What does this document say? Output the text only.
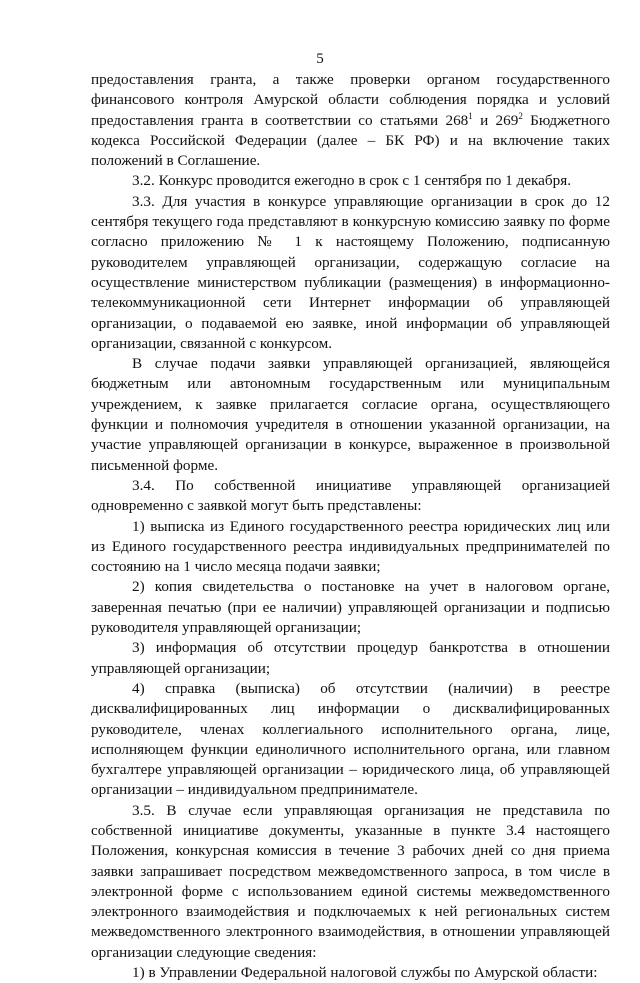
5

предоставления гранта, а также проверки органом государственного финансового контроля Амурской области соблюдения порядка и условий предоставления гранта в соответствии со статьями $268^1$ и $269^2$ Бюджетного кодекса Российской Федерации (далее – БК РФ) и на включение таких положений в Соглашение.

3.2. Конкурс проводится ежегодно в срок с 1 сентября по 1 декабря.

3.3. Для участия в конкурсе управляющие организации в срок до 12 сентября текущего года представляют в конкурсную комиссию заявку по форме согласно приложению № 1 к настоящему Положению, подписанную руководителем управляющей организации, содержащую согласие на осуществление министерством публикации (размещения) в информационно-телекоммуникационной сети Интернет информации об управляющей организации, о подаваемой ею заявке, иной информации об управляющей организации, связанной с конкурсом.

В случае подачи заявки управляющей организацией, являющейся бюджетным или автономным государственным или муниципальным учреждением, к заявке прилагается согласие органа, осуществляющего функции и полномочия учредителя в отношении указанной организации, на участие управляющей организации в конкурсе, выраженное в произвольной письменной форме.

3.4. По собственной инициативе управляющей организацией одновременно с заявкой могут быть представлены:

1) выписка из Единого государственного реестра юридических лиц или из Единого государственного реестра индивидуальных предпринимателей по состоянию на 1 число месяца подачи заявки;

2) копия свидетельства о постановке на учет в налоговом органе, заверенная печатью (при ее наличии) управляющей организации и подписью руководителя управляющей организации;

3) информация об отсутствии процедур банкротства в отношении управляющей организации;

4) справка (выписка) об отсутствии (наличии) в реестре дисквалифицированных лиц информации о дисквалифицированных руководителе, членах коллегиального исполнительного органа, лице, исполняющем функции единоличного исполнительного органа, или главном бухгалтере управляющей организации – юридического лица, об управляющей организации – индивидуальном предпринимателе.

3.5. В случае если управляющая организация не представила по собственной инициативе документы, указанные в пункте 3.4 настоящего Положения, конкурсная комиссия в течение 3 рабочих дней со дня приема заявки запрашивает посредством межведомственного запроса, в том числе в электронной форме с использованием единой системы межведомственного электронного взаимодействия и подключаемых к ней региональных систем межведомственного электронного взаимодействия, в отношении управляющей организации следующие сведения:

1) в Управлении Федеральной налоговой службы по Амурской области:
